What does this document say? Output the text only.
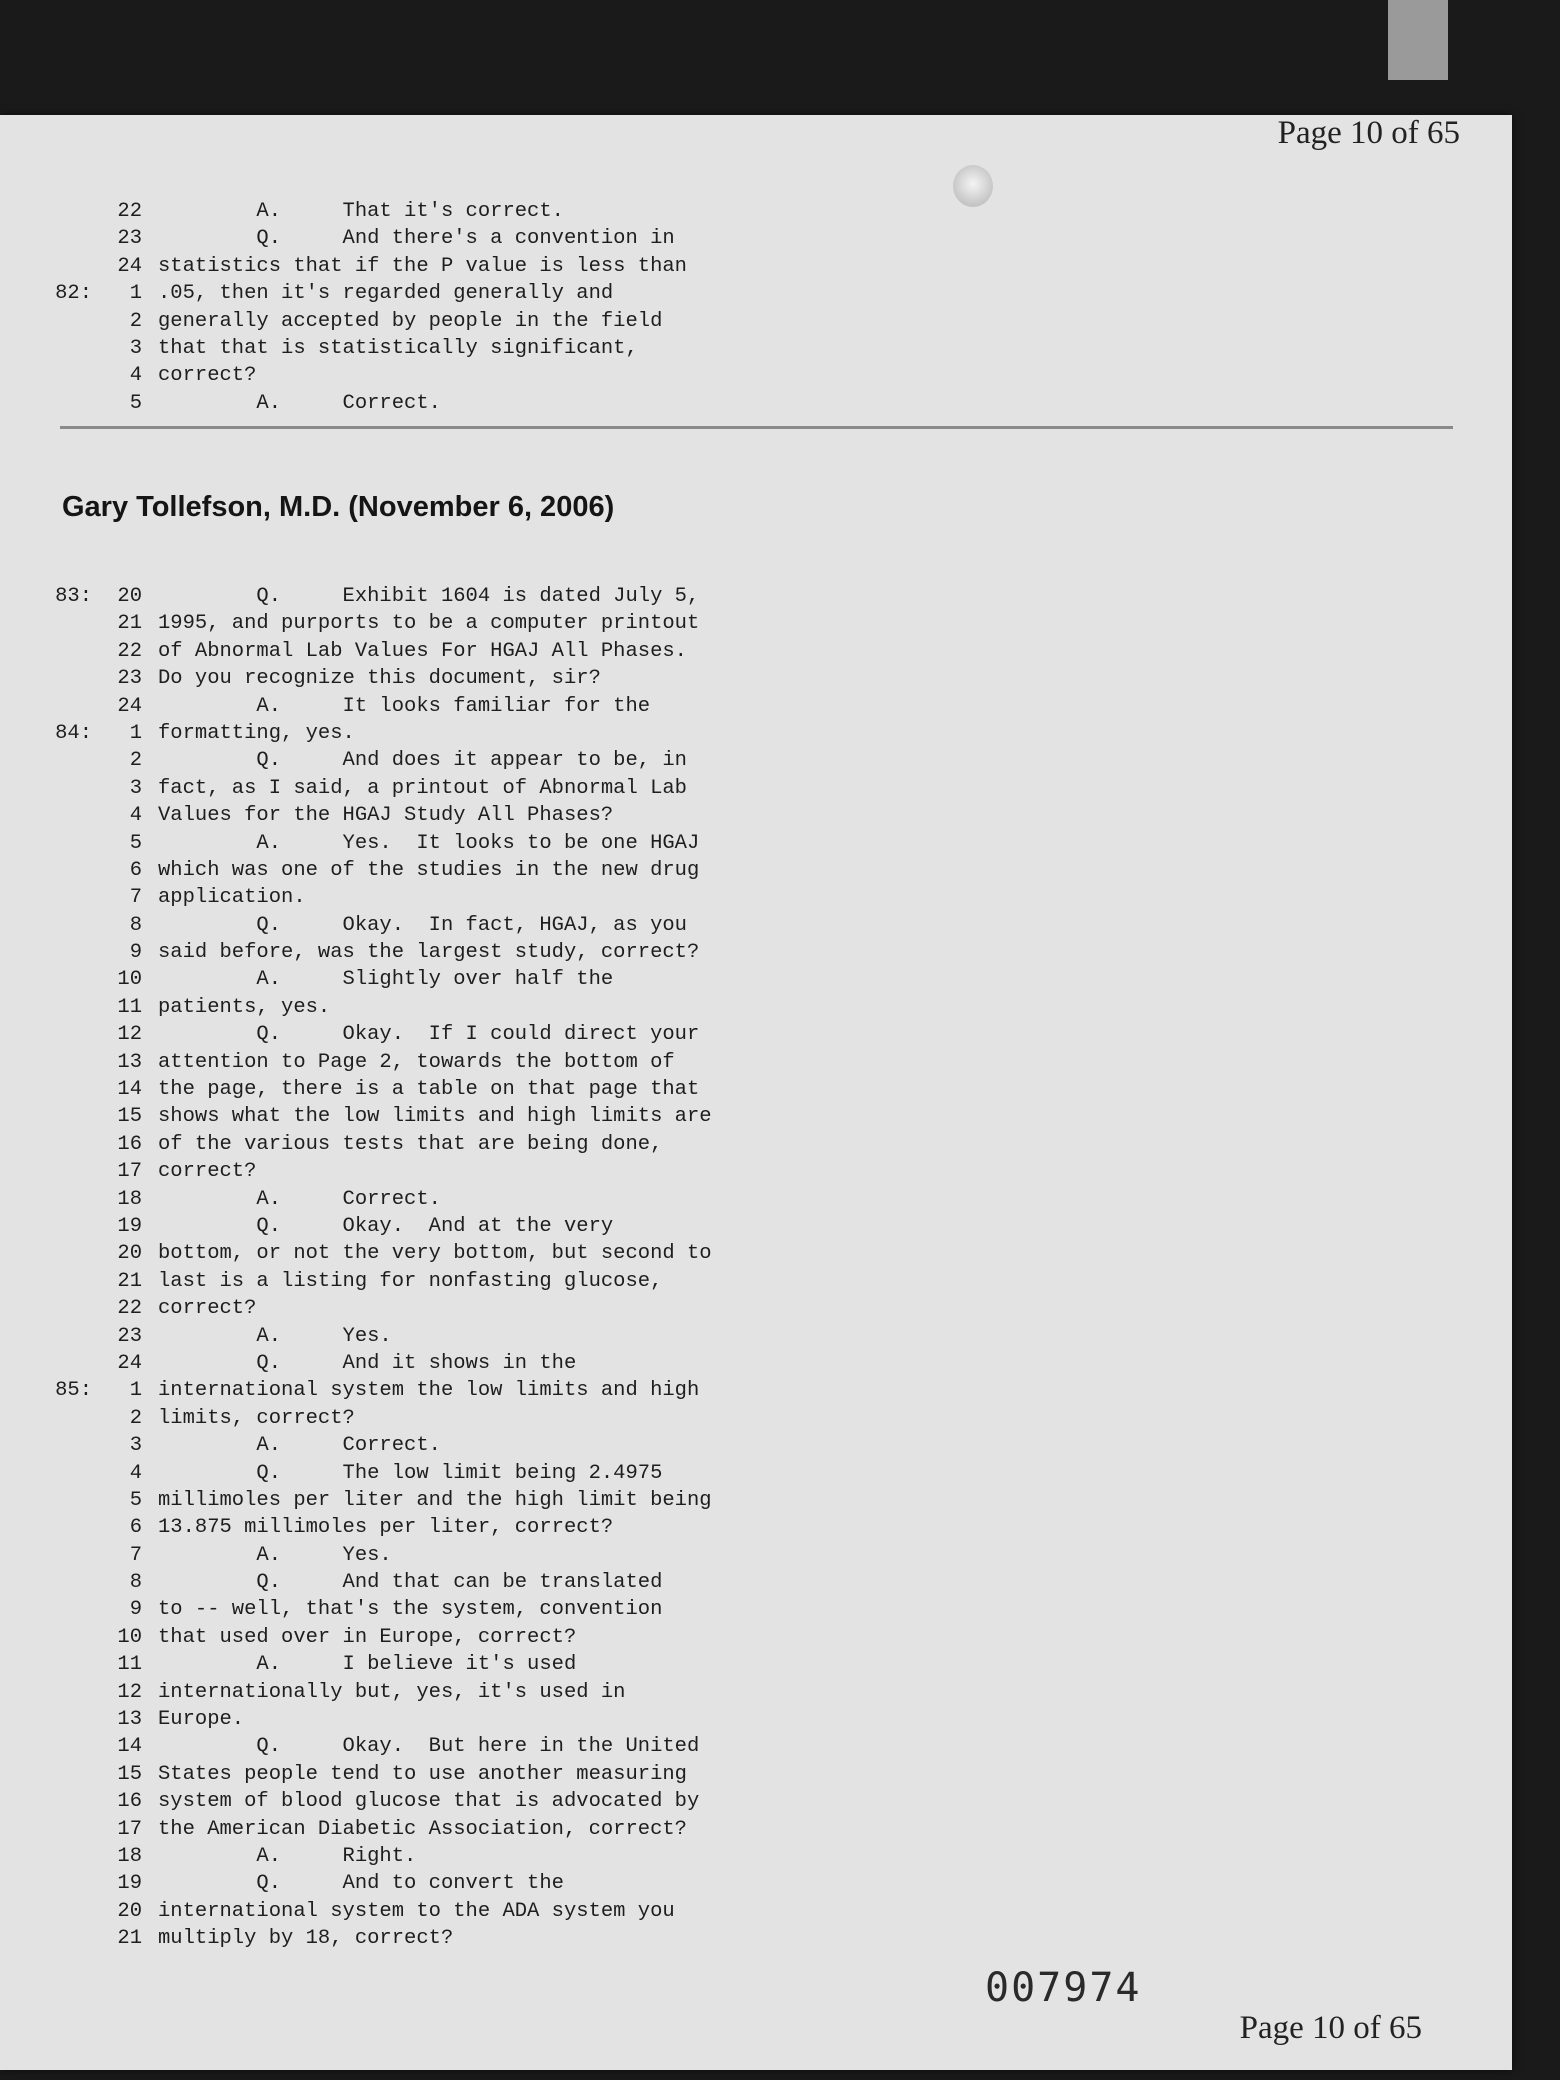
Page 10 of 65
22 A.     That it's correct.
23 Q.     And there's a convention in
24 statistics that if the P value is less than
82:	1 .05, then it's regarded generally and
2 generally accepted by people in the field
3 that that is statistically significant,
4 correct?
5 A.     Correct.
Gary Tollefson, M.D. (November 6, 2006)
83:	20 Q.     Exhibit 1604 is dated July 5,
21 1995, and purports to be a computer printout
22 of Abnormal Lab Values For HGAJ All Phases.
23 Do you recognize this document, sir?
24 A.     It looks familiar for the
84:	1 formatting, yes.
2 Q.     And does it appear to be, in
3 fact, as I said, a printout of Abnormal Lab
4 Values for the HGAJ Study All Phases?
5 A.     Yes.  It looks to be one HGAJ
6 which was one of the studies in the new drug
7 application.
8 Q.     Okay.  In fact, HGAJ, as you
9 said before, was the largest study, correct?
10 A.     Slightly over half the
11 patients, yes.
12 Q.     Okay.  If I could direct your
13 attention to Page 2, towards the bottom of
14 the page, there is a table on that page that
15 shows what the low limits and high limits are
16 of the various tests that are being done,
17 correct?
18 A.     Correct.
19 Q.     Okay.  And at the very
20 bottom, or not the very bottom, but second to
21 last is a listing for nonfasting glucose,
22 correct?
23 A.     Yes.
24 Q.     And it shows in the
85:	1 international system the low limits and high
2 limits, correct?
3 A.     Correct.
4 Q.     The low limit being 2.4975
5 millimoles per liter and the high limit being
6 13.875 millimoles per liter, correct?
7 A.     Yes.
8 Q.     And that can be translated
9 to -- well, that's the system, convention
10 that used over in Europe, correct?
11 A.     I believe it's used
12 internationally but, yes, it's used in
13 Europe.
14 Q.     Okay.  But here in the United
15 States people tend to use another measuring
16 system of blood glucose that is advocated by
17 the American Diabetic Association, correct?
18 A.     Right.
19 Q.     And to convert the
20 international system to the ADA system you
21 multiply by 18, correct?
007974
Page 10 of 65
